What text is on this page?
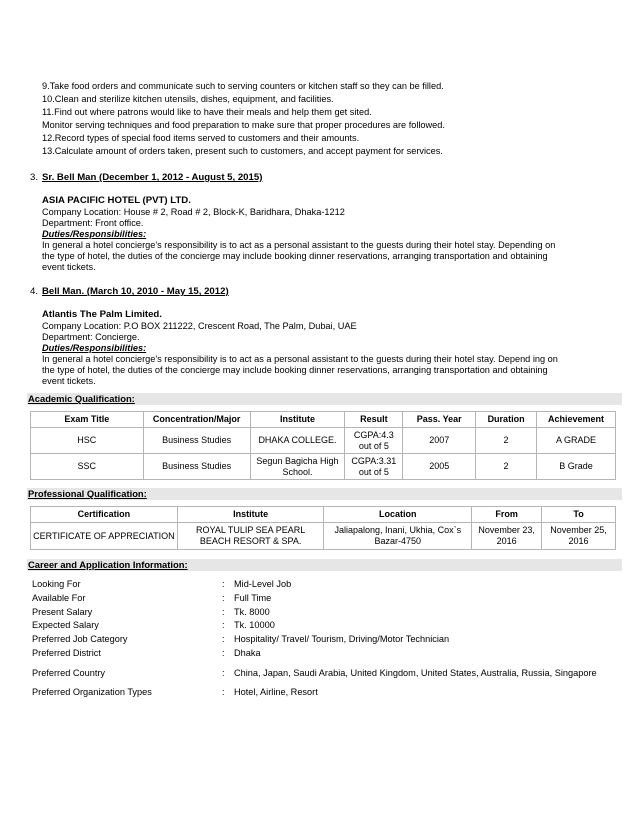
9.Take food orders and communicate such to serving counters or kitchen staff so they can be filled.
10.Clean and sterilize kitchen utensils, dishes, equipment, and facilities.
11.Find out where patrons would like to have their meals and help them get sited.
Monitor serving techniques and food preparation to make sure that proper procedures are followed.
12.Record types of special food items served to customers and their amounts.
13.Calculate amount of orders taken, present such to customers, and accept payment for services.
3. Sr. Bell Man (December 1, 2012 - August 5, 2015)
ASIA PACIFIC HOTEL (PVT) LTD.
Company Location: House # 2, Road # 2, Block-K, Baridhara, Dhaka-1212
Department: Front office.
Duties/Responsibilities:
In general a hotel concierge's responsibility is to act as a personal assistant to the guests during their hotel stay. Depending on
the type of hotel, the duties of the concierge may include booking dinner reservations, arranging transportation and obtaining
event tickets.
4. Bell Man. (March 10, 2010 - May 15, 2012)
Atlantis The Palm Limited.
Company Location: P.O BOX 211222, Crescent Road, The Palm, Dubai, UAE
Department: Concierge.
Duties/Responsibilities:
In general a hotel concierge's responsibility is to act as a personal assistant to the guests during their hotel stay. Depend ing on
the type of hotel, the duties of the concierge may include booking dinner reservations, arranging transportation and obtaining
event tickets.
Academic Qualification:
Exam Title	Concentration/Major	Institute	Result	Pass. Year	Duration	Achievement
HSC	Business Studies	DHAKA COLLEGE.	CGPA:4.3 out of 5	2007	2	A GRADE
SSC	Business Studies	Segun Bagicha High School.	CGPA:3.31 out of 5	2005	2	B Grade
Professional Qualification:
Certification	Institute	Location	From	To
CERTIFICATE OF APPRECIATION	ROYAL TULIP SEA PEARL BEACH RESORT & SPA.	Jaliapalong, Inani, Ukhia, Cox`s Bazar-4750	November 23, 2016	November 25, 2016
Career and Application Information:
Looking For	:	Mid-Level Job
Available For	:	Full Time
Present Salary	:	Tk. 8000
Expected Salary	:	Tk. 10000
Preferred Job Category	:	Hospitality/ Travel/ Tourism, Driving/Motor Technician
Preferred District	:	Dhaka
Preferred Country	:	China, Japan, Saudi Arabia, United Kingdom, United States, Australia, Russia, Singapore
Preferred Organization Types	:	Hotel, Airline, Resort
